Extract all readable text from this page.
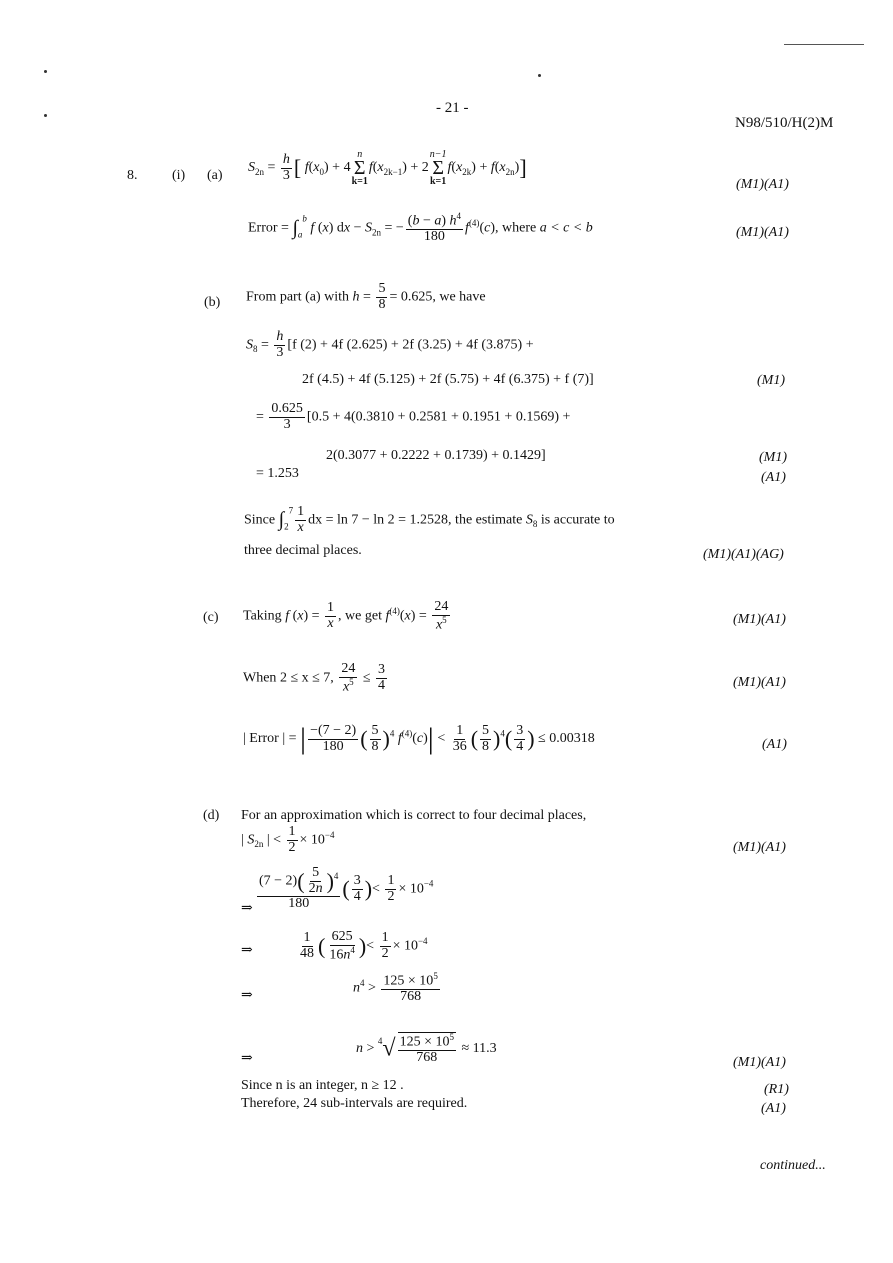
- 21 -
N98/510/H(2)M
8. (i) (a)
$S_{2n} = \frac{h}{3}$ [ $f(x_0) + 4$
n
Σ
k=1
$f(x_{2k-1}) + 2$
n−1
Σ
k=1
$f(x_{2k}) + f(x_{2n})$]
(M1)(A1)
Error = $\int_a^b$ f (x) dx − $S_{2n}$ = − $\frac{(b - a) h^4}{180} f^{(4)}(c)$, where a < c < b	(M1)(A1)
(b) From part (a) with $h = \frac{5}{8} = 0.625$, we have
$S_8 = \frac{h}{3} [f$ (2) + 4f (2.625) + 2f (3.25) + 4f (3.875) +
2f (4.5) + 4f (5.125) + 2f (5.75) + 4f (6.375) + f (7)]	(M1)
= $\frac{0.625}{3} [0.5 + 4(0.3810 + 0.2581 + 0.1951 + 0.1569)$ +
2(0.3077 + 0.2222 + 0.1739) + 0.1429]	(M1)
= 1.253	(A1)
Since $\int_2^7 \frac{1}{x}$ dx = ln 7 − ln 2 = 1.2528, the estimate $S_8$ is accurate to
three decimal places.	(M1)(A1)(AG)
(c) Taking f $(x) = \frac{1}{x}$ , we get $f^{(4)}(x) = \frac{24}{x^5}$	(M1)(A1)
When 2 ≤ x ≤ 7, $\frac{24}{x^5} \le \frac{3}{4}$	(M1)(A1)
| Error | = | $\frac{-(7 - 2)}{180}$ ( $\frac{5}{8} )^4$ $f^{(4)}(c)| < \frac{1}{36}$ ( $\frac{5}{8} )^4( \frac{3}{4}$ ) ≤ 0.00318	(A1)
(d) For an approximation which is correct to four decimal places,
| $S_{2n}$ | < $\frac{1}{2} \times 10^{-4}$
(M1)(A1)
⇒ $\frac{(7 - 2)( \frac{5}{2n} )^4}{180}$ ( $\frac{3}{4}$ )< $\frac{1}{2} \times 10^{-4}$
⇒	$\frac{1}{48}$ ( $\frac{625}{16n^4}$ )< $\frac{1}{2} \times 10^{-4}$
⇒	$n^4 > \frac{125 \times 10^5}{768}$
⇒
$n > ^4√ \frac{125 \times 10^5}{768} \approx 11.3$
(M1)(A1)
Since n is an integer, n ≥ 12 .	(R1)
Therefore, 24 sub-intervals are required.	(A1)
continued...
